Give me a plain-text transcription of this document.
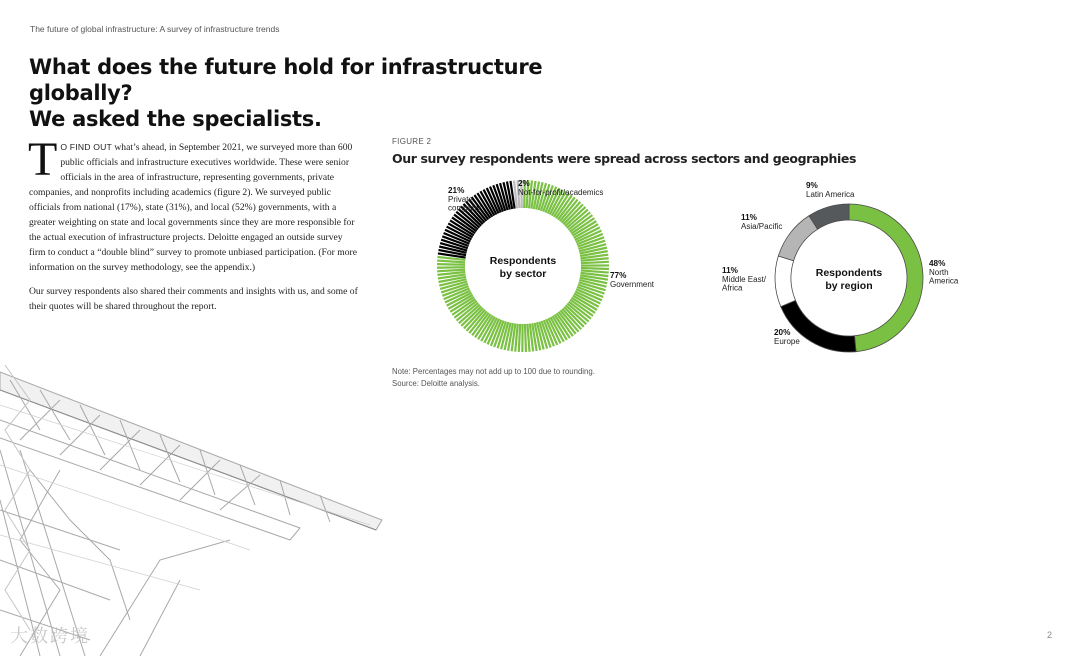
The future of global infrastructure: A survey of infrastructure trends
What does the future hold for infrastructure globally?
We asked the specialists.

T O FIND OUT what’s ahead, in September 2021, we surveyed more than 600 public officials and infrastructure executives worldwide. These were senior officials in the area of infrastructure, representing governments, private companies, and nonprofits including academics (figure 2). We surveyed public officials from national (17%), state (31%), and local (52%) governments, with a greater weighting on state and local governments since they are more responsible for the actual execution of infrastructure projects. Deloitte engaged an outside survey firm to conduct a “double blind” survey to promote unbiased participation. (For more information on the survey methodology, see the appendix.)

Our survey respondents also shared their comments and insights with us, and some of their quotes will be shared throughout the report.

FIGURE 2
Our survey respondents were spread across sectors and geographies
77%
Government
21%
Private
company
2%
Not-for-profit/academics
Respondents
by sector
48%
North
America
20%
Europe
11%
Middle East/
Africa
11%
Asia/Pacific
9%
Latin America
Respondents
by region
Note: Percentages may not add up to 100 due to rounding.
Source: Deloitte analysis.
大数跨境	2
